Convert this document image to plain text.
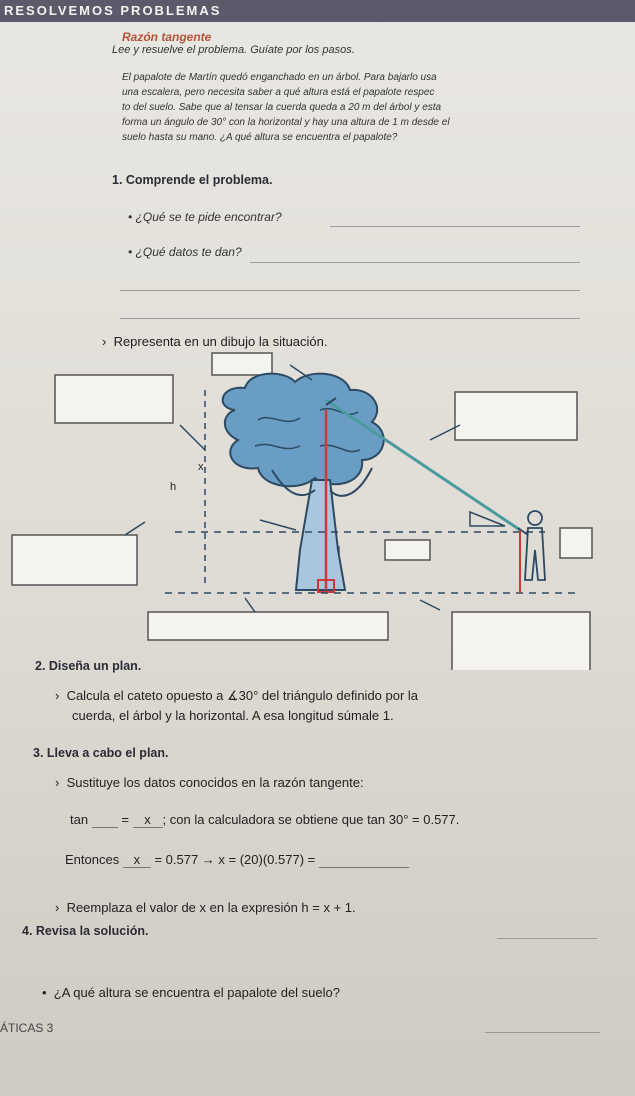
RESOLVEMOS PROBLEMAS
Razón tangente
Lee y resuelve el problema. Guíate por los pasos.
El papalote de Martín quedó enganchado en un árbol. Para bajarlo usa
una escalera, pero necesita saber a qué altura está el papalote respec
to del suelo. Sabe que al tensar la cuerda queda a 20 m del árbol y esta
forma un ángulo de 30° con la horizontal y hay una altura de 1 m desde el
suelo hasta su mano. ¿A qué altura se encuentra el papalote?
1. Comprende el problema.
• ¿Qué se te pide encontrar?
• ¿Qué datos te dan?
›  Representa en un dibujo la situación.
x
h
2. Diseña un plan.
›  Calcula el cateto opuesto a ∡30° del triángulo definido por la
cuerda, el árbol y la horizontal. A esa longitud súmale 1.
3. Lleva a cabo el plan.
›  Sustituye los datos conocidos en la razón tangente:
tan	= x ; con la calculadora se obtiene que tan 30° = 0.577.
Entonces x = 0.577 → x = (20)(0.577) =
›  Reemplaza el valor de x en la expresión h = x + 1.
4. Revisa la solución.
•  ¿A qué altura se encuentra el papalote del suelo?
ÁTICAS 3
